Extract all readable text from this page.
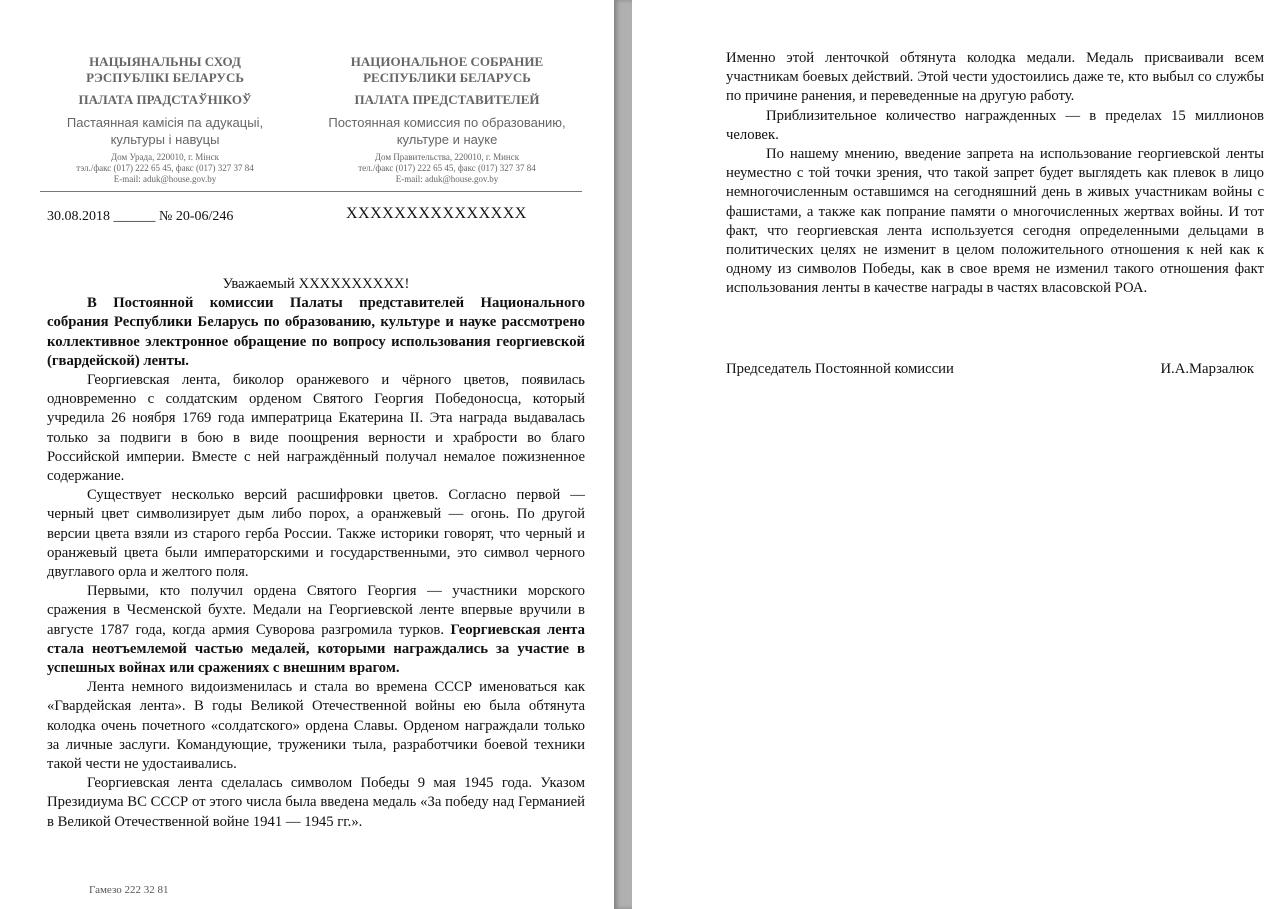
НАЦЫЯНАЛЬНЫ СХОД
РЭСПУБЛІКІ БЕЛАРУСЬ
ПАЛАТА ПРАДСТАЎНІКОЎ
Пастаянная камісія па адукацыі,
культуры і навуцы
Дом Урада, 220010, г. Мінск
тэл./факс (017) 222 65 45, факс (017) 327 37 84
E-mail: aduk@house.gov.by
НАЦИОНАЛЬНОЕ СОБРАНИЕ
РЕСПУБЛИКИ БЕЛАРУСЬ
ПАЛАТА ПРЕДСТАВИТЕЛЕЙ
Постоянная комиссия по образованию,
культуре и науке
Дом Правительства, 220010, г. Минск
тел./факс (017) 222 65 45, факс (017) 327 37 84
E-mail: aduk@house.gov.by
30.08.2018 ______ № 20-06/246	XXXXXXXXXXXXXXX

Уважаемый XXXXXXXXXX!

В Постоянной комиссии Палаты представителей Национального собрания Республики Беларусь по образованию, культуре и науке рассмотрено коллективное электронное обращение по вопросу использования георгиевской (гвардейской) ленты.

Георгиевская лента, биколор оранжевого и чёрного цветов, появилась одновременно с солдатским орденом Святого Георгия Победоносца, который учредила 26 ноября 1769 года императрица Екатерина II. Эта награда выдавалась только за подвиги в бою в виде поощрения верности и храбрости во благо Российской империи. Вместе с ней награждённый получал немалое пожизненное содержание.

Существует несколько версий расшифровки цветов. Согласно первой — черный цвет символизирует дым либо порох, а оранжевый — огонь. По другой версии цвета взяли из старого герба России. Также историки говорят, что черный и оранжевый цвета были императорскими и государственными, это символ черного двуглавого орла и желтого поля.

Первыми, кто получил ордена Святого Георгия — участники морского сражения в Чесменской бухте. Медали на Георгиевской ленте впервые вручили в августе 1787 года, когда армия Суворова разгромила турков. Георгиевская лента стала неотъемлемой частью медалей, которыми награждались за участие в успешных войнах или сражениях с внешним врагом.

Лента немного видоизменилась и стала во времена СССР именоваться как «Гвардейская лента». В годы Великой Отечественной войны ею была обтянута колодка очень почетного «солдатского» ордена Славы. Орденом награждали только за личные заслуги. Командующие, труженики тыла, разработчики боевой техники такой чести не удостаивались.

Георгиевская лента сделалась символом Победы 9 мая 1945 года. Указом Президиума ВС СССР от этого числа была введена медаль «За победу над Германией в Великой Отечественной войне 1941 — 1945 гг.».

Гамезо 222 32 81

Именно этой ленточкой обтянута колодка медали. Медаль присваивали всем участникам боевых действий. Этой чести удостоились даже те, кто выбыл со службы по причине ранения, и переведенные на другую работу.

Приблизительное количество награжденных — в пределах 15 миллионов человек.

По нашему мнению, введение запрета на использование георгиевской ленты неуместно с той точки зрения, что такой запрет будет выглядеть как плевок в лицо немногочисленным оставшимся на сегодняшний день в живых участникам войны с фашистами, а также как попрание памяти о многочисленных жертвах войны. И тот факт, что георгиевская лента используется сегодня определенными дельцами в политических целях не изменит в целом положительного отношения к ней как к одному из символов Победы, как в свое время не изменил такого отношения факт использования ленты в качестве награды в частях власовской РОА.

Председатель Постоянной комиссии	И.А.Марзалюк
